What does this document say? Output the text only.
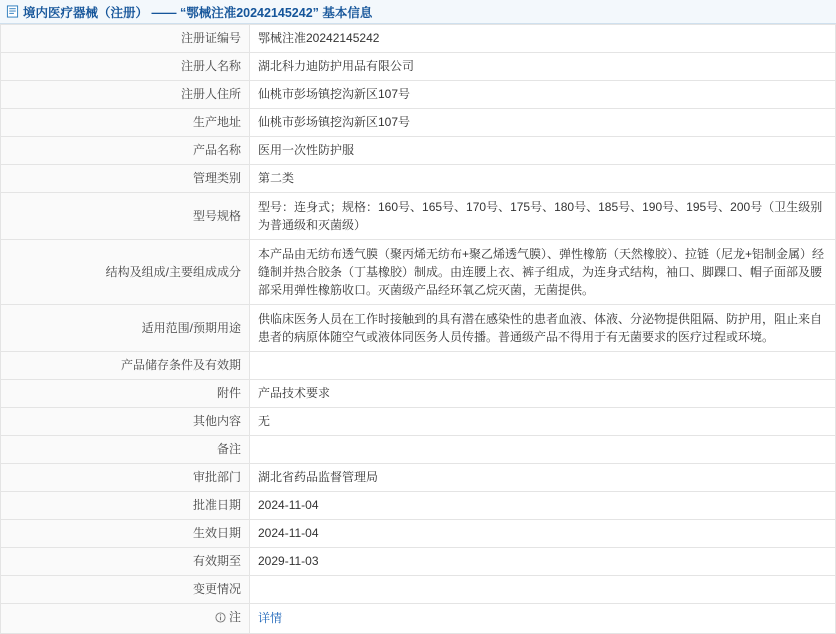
境内医疗器械（注册） —— “鄂械注准20242145242” 基本信息
注册证编号	鄂械注准20242145242
注册人名称	湖北科力迪防护用品有限公司
注册人住所	仙桃市彭场镇挖沟新区107号
生产地址	仙桃市彭场镇挖沟新区107号
产品名称	医用一次性防护服
管理类别	第二类
型号规格	型号：连身式；规格：160号、165号、170号、175号、180号、185号、190号、195号、200号（卫生级别为普通级和灭菌级）
结构及组成/主要组成成分	本产品由无纺布透气膜（聚丙烯无纺布+聚乙烯透气膜）、弹性橡筋（天然橡胶）、拉链（尼龙+铝制金属）经缝制并热合胶条（丁基橡胶）制成。由连腰上衣、裤子组成，为连身式结构，袖口、脚踝口、帽子面部及腰部采用弹性橡筋收口。灭菌级产品经环氧乙烷灭菌，无菌提供。
适用范围/预期用途	供临床医务人员在工作时接触到的具有潜在感染性的患者血液、体液、分泌物提供阻隔、防护用，阻止来自患者的病原体随空气或液体同医务人员传播。普通级产品不得用于有无菌要求的医疗过程或环境。
产品储存条件及有效期	
附件	产品技术要求
其他内容	无
备注	
审批部门	湖北省药品监督管理局
批准日期	2024-11-04
生效日期	2024-11-04
有效期至	2029-11-03
变更情况	

注	详情
